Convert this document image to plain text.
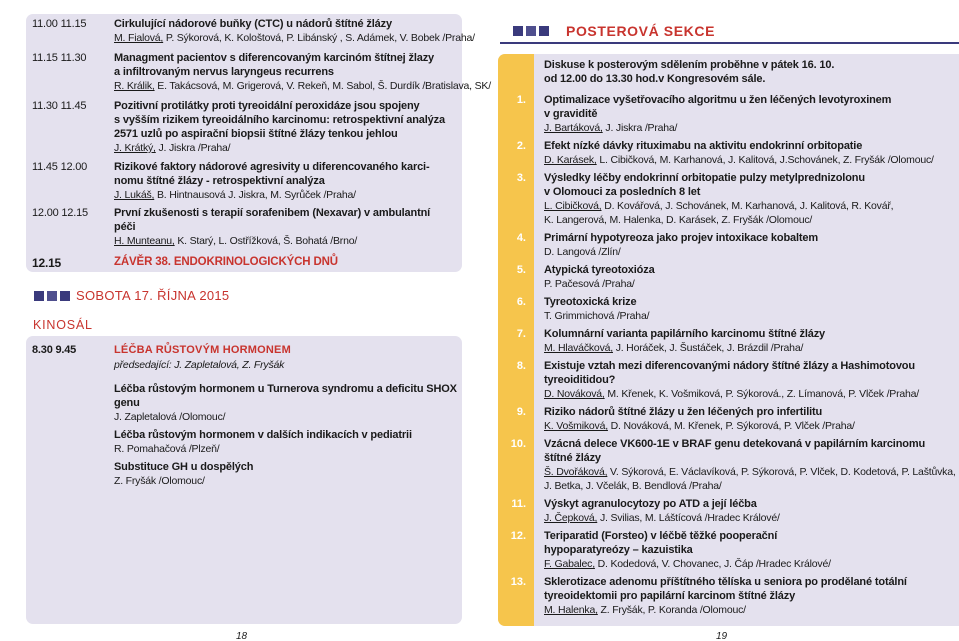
11.00 11.15	Cirkulující nádorové buňky (CTC) u nádorů štítné žlázy
M. Fialová, P. Sýkorová, K. Kološtová, P. Libánský , S. Adámek, V. Bobek /Praha/
11.15 11.30	Managment pacientov s diferencovaným karcinóm štítnej žlazy
a infiltrovaným nervus laryngeus recurrens
R. Králik, E. Takácsová, M. Grigerová, V. Rekeň, M. Sabol, Š. Durdík /Bratislava, SK/
11.30 11.45	Pozitivní protilátky proti tyreoidální peroxidáze jsou spojeny
s vyšším rizikem tyreoidálního karcinomu: retrospektivní analýza
2571 uzlů po aspirační biopsii štítné žlázy tenkou jehlou
J. Krátký, J. Jiskra /Praha/
11.45 12.00 Rizikové faktory nádorové agresivity u diferencovaného karci-
nomu štítné žlázy - retrospektivní analýza
J. Lukáš, B. Hintnausová J. Jiskra, M. Syrůček /Praha/
12.00 12.15 První zkušenosti s terapií sorafenibem (Nexavar) v ambulantní
péči
H. Munteanu, K. Starý, L. Ostřížková, Š. Bohatá /Brno/
12.15	ZÁVĚR 38. ENDOKRINOLOGICKÝCH DNŮ
SOBOTA 17. ŘÍJNA 2015
KINOSÁL
8.30 9.45	LÉČBA RŮSTOVÝM HORMONEM
předsedající: J. Zapletalová, Z. Fryšák
Léčba růstovým hormonem u Turnerova syndromu a deficitu SHOX
genu
J. Zapletalová /Olomouc/
Léčba růstovým hormonem v dalších indikacích v pediatrii
R. Pomahačová /Plzeň/
Substituce GH u dospělých
Z. Fryšák /Olomouc/
18
POSTEROVÁ SEKCE
Diskuse k posterovým sdělením proběhne v pátek 16. 10.
od 12.00 do 13.30 hod.v Kongresovém sále.
1. Optimalizace vyšetřovacího algoritmu u žen léčených levotyroxinem
v graviditě
J. Bartáková, J. Jiskra /Praha/
2. Efekt nízké dávky rituximabu na aktivitu endokrinní orbitopatie
D. Karásek, L. Cibičková, M. Karhanová, J. Kalitová, J.Schovánek, Z. Fryšák /Olomouc/
3. Výsledky léčby endokrinní orbitopatie pulzy metylprednizolonu
v Olomouci za posledních 8 let
L. Cibičková, D. Kovářová, J. Schovánek, M. Karhanová, J. Kalitová, R. Kovář,
K. Langerová, M. Halenka, D. Karásek, Z. Fryšák /Olomouc/
4. Primární hypotyreoza jako projev intoxikace kobaltem
D. Langová /Zlín/
5. Atypická tyreotoxióza
P. Pačesová /Praha/
6. Tyreotoxická krize
T. Grimmichová /Praha/
7. Kolumnární varianta papilárního karcinomu štítné žlázy
M. Hlaváčková, J. Horáček, J. Šustáček, J. Brázdil /Praha/
8. Existuje vztah mezi diferencovanými nádory štítné žlázy a Hashimotovou
tyreoiditidou?
D. Nováková, M. Křenek, K. Vošmiková, P. Sýkorová., Z. Límanová, P. Vlček /Praha/
9. Riziko nádorů štítné žlázy u žen léčených pro infertilitu
K. Vošmiková, D. Nováková, M. Křenek, P. Sýkorová, P. Vlček /Praha/
10. Vzácná delece VK600-1E v BRAF genu detekovaná v papilárním karcinomu
štítné žlázy
Š. Dvořáková, V. Sýkorová, E. Václavíková, P. Sýkorová, P. Vlček, D. Kodetová, P. Laštůvka,
J. Betka, J. Včelák, B. Bendlová /Praha/
11. Výskyt agranulocytozy po ATD a její léčba
J. Čepková, J. Svilias, M. Láštícová /Hradec Králové/
12. Teriparatid (Forsteo) v léčbě těžké pooperační
hypoparatyreózy – kazuistika
F. Gabalec, D. Kodedová, V. Chovanec, J. Čáp /Hradec Králové/
13. Sklerotizace adenomu příštítného tělíska u seniora po prodělané totální
tyreoidektomii pro papilární karcinom štítné žlázy
M. Halenka, Z. Fryšák, P. Koranda /Olomouc/
19
